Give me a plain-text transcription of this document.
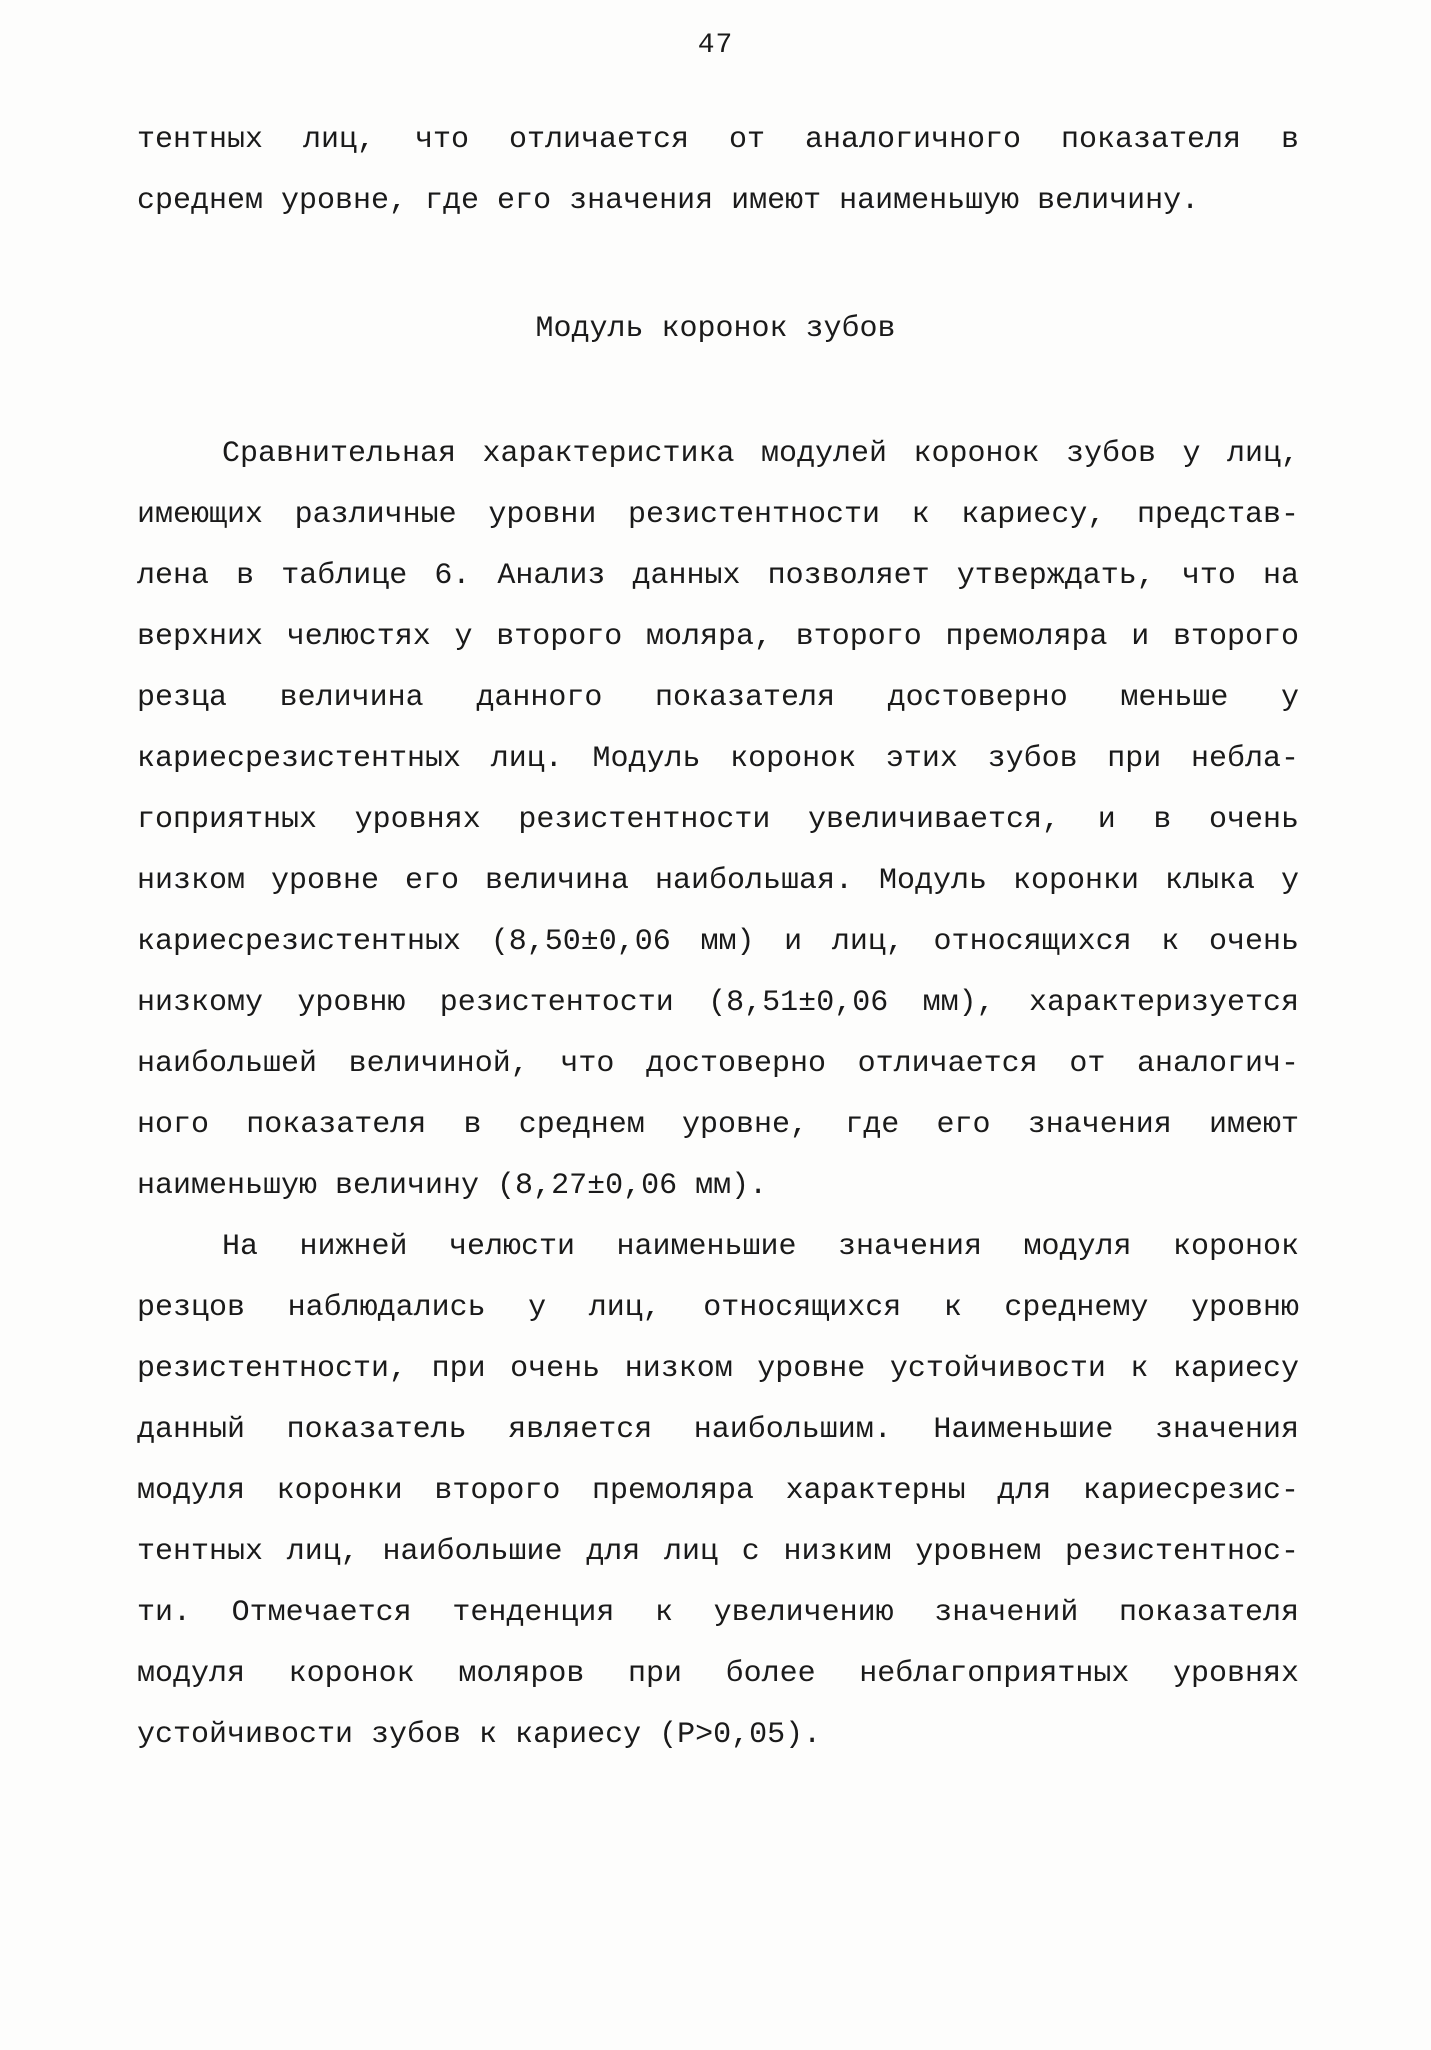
47
тентных лиц, что отличается от аналогичного показателя в
среднем уровне, где его значения имеют наименьшую величину.
Модуль коронок зубов
Сравнительная характеристика модулей коронок зубов у лиц,
имеющих различные уровни резистентности к кариесу, представ-
лена в таблице 6. Анализ данных позволяет утверждать, что на
верхних челюстях у второго моляра, второго премоляра и второго
резца величина данного показателя достоверно меньше у
кариесрезистентных лиц. Модуль коронок этих зубов при небла-
гоприятных уровнях резистентности увеличивается, и в очень
низком уровне его величина наибольшая. Модуль коронки клыка у
кариесрезистентных (8,50±0,06 мм) и лиц, относящихся к очень
низкому уровню резистентости (8,51±0,06 мм), характеризуется
наибольшей величиной, что достоверно отличается от аналогич-
ного показателя в среднем уровне, где его значения имеют
наименьшую величину (8,27±0,06 мм).
На нижней челюсти наименьшие значения модуля коронок
резцов наблюдались у лиц, относящихся к среднему уровню
резистентности, при очень низком уровне устойчивости к кариесу
данный показатель является наибольшим. Наименьшие значения
модуля коронки второго премоляра характерны для кариесрезис-
тентных лиц, наибольшие для лиц с низким уровнем резистентнос-
ти. Отмечается тенденция к увеличению значений показателя
модуля коронок моляров при более неблагоприятных уровнях
устойчивости зубов к кариесу (Р>0,05).
